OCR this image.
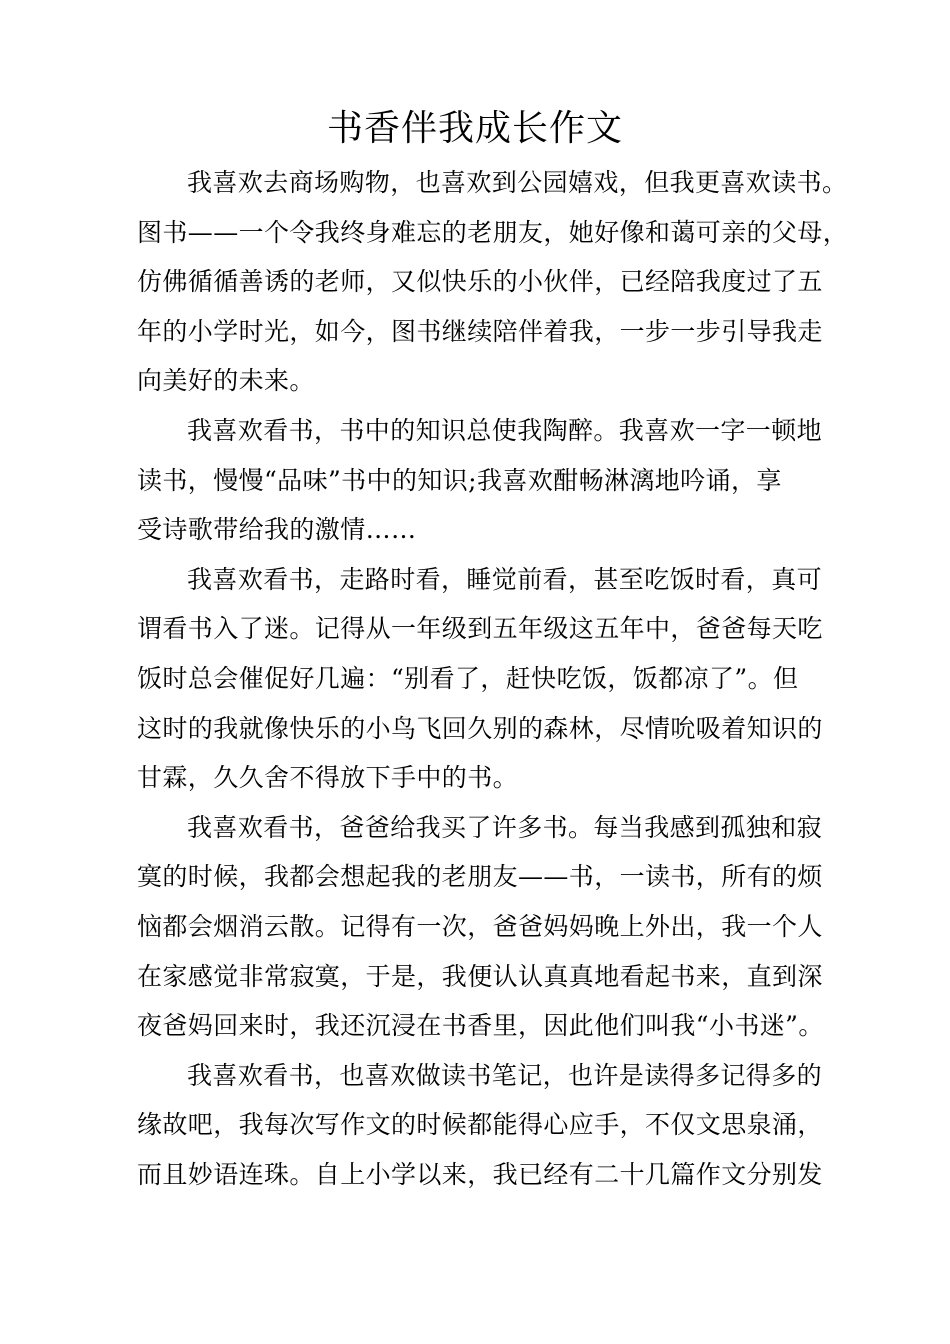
书香伴我成长作文
我喜欢去商场购物，也喜欢到公园嬉戏，但我更喜欢读书。
图书——一个令我终身难忘的老朋友，她好像和蔼可亲的父母，
仿佛循循善诱的老师，又似快乐的小伙伴，已经陪我度过了五
年的小学时光，如今，图书继续陪伴着我，一步一步引导我走
向美好的未来。
我喜欢看书，书中的知识总使我陶醉。我喜欢一字一顿地
读书，慢慢“品味”书中的知识;我喜欢酣畅淋漓地吟诵，享
受诗歌带给我的激情……
我喜欢看书，走路时看，睡觉前看，甚至吃饭时看，真可
谓看书入了迷。记得从一年级到五年级这五年中，爸爸每天吃
饭时总会催促好几遍：“别看了，赶快吃饭，饭都凉了”。但
这时的我就像快乐的小鸟飞回久别的森林，尽情吮吸着知识的
甘霖，久久舍不得放下手中的书。
我喜欢看书，爸爸给我买了许多书。每当我感到孤独和寂
寞的时候，我都会想起我的老朋友——书，一读书，所有的烦
恼都会烟消云散。记得有一次，爸爸妈妈晚上外出，我一个人
在家感觉非常寂寞，于是，我便认认真真地看起书来，直到深
夜爸妈回来时，我还沉浸在书香里，因此他们叫我“小书迷”。
我喜欢看书，也喜欢做读书笔记，也许是读得多记得多的
缘故吧，我每次写作文的时候都能得心应手，不仅文思泉涌，
而且妙语连珠。自上小学以来，我已经有二十几篇作文分别发
